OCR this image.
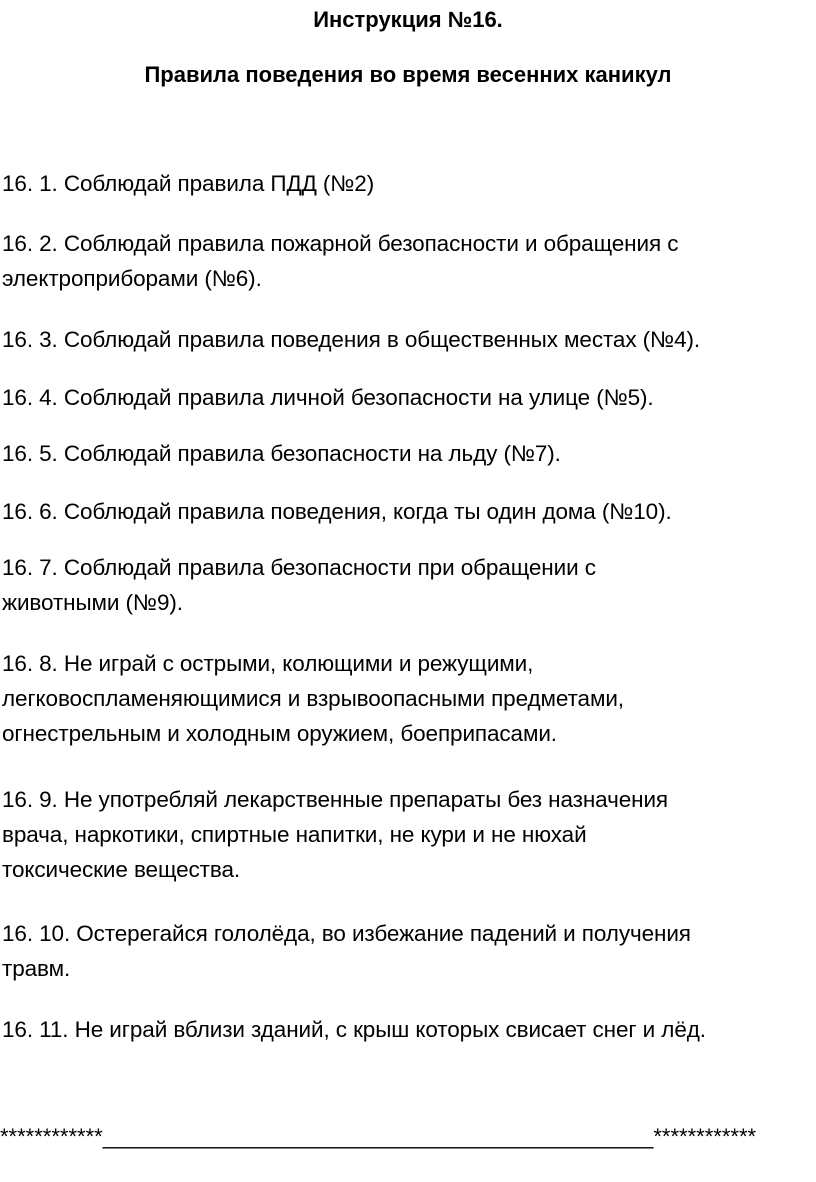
Инструкция №16.
Правила поведения во время весенних каникул
16. 1. Соблюдай правила ПДД (№2)
16. 2. Соблюдай правила пожарной безопасности и обращения с
электроприборами (№6).
16. 3. Соблюдай правила поведения в общественных местах (№4).
16. 4. Соблюдай правила личной безопасности на улице (№5).
16. 5. Соблюдай правила безопасности на льду (№7).
16. 6. Соблюдай правила поведения, когда ты один дома (№10).
16. 7. Соблюдай правила безопасности при обращении с
животными (№9).
16. 8. Не играй с острыми, колющими и режущими,
легковоспламеняющимися и взрывоопасными предметами,
огнестрельным и холодным оружием, боеприпасами.
16. 9. Не употребляй лекарственные препараты без назначения
врача, наркотики, спиртные напитки, не кури и не нюхай
токсические вещества.
16. 10. Остерегайся гололёда, во избежание падений и получения
травм.
16. 11. Не играй вблизи зданий, с крыш которых свисает снег и лёд.
************_____________________________________________************
